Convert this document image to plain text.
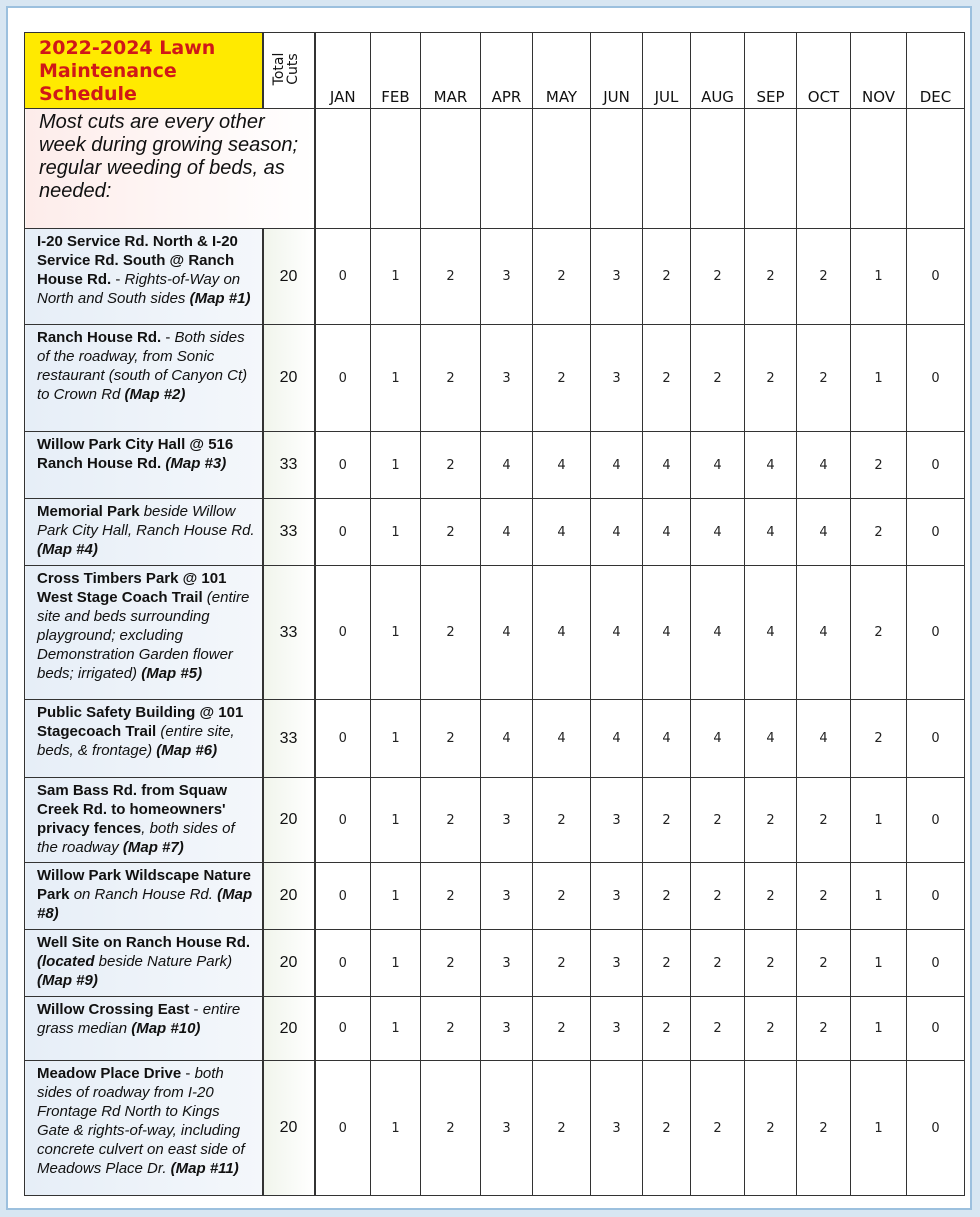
2022-2024 Lawn Maintenance Schedule	Total Cuts	JAN	FEB	MAR	APR	MAY	JUN	JUL	AUG	SEP	OCT	NOV	DEC
Most cuts are every other week during growing season; regular weeding of beds, as needed:													
I-20 Service Rd. North & I-20 Service Rd. South @ Ranch House Rd. - Rights-of-Way on North and South sides (Map #1)	20	0	1	2	3	2	3	2	2	2	2	1	0
Ranch House Rd. - Both sides of the roadway, from Sonic restaurant (south of Canyon Ct) to Crown Rd (Map #2)	20	0	1	2	3	2	3	2	2	2	2	1	0
Willow Park City Hall @ 516 Ranch House Rd. (Map #3)	33	0	1	2	4	4	4	4	4	4	4	2	0
Memorial Park beside Willow Park City Hall, Ranch House Rd. (Map #4)	33	0	1	2	4	4	4	4	4	4	4	2	0
Cross Timbers Park @ 101 West Stage Coach Trail (entire site and beds surrounding playground; excluding Demonstration Garden flower beds; irrigated) (Map #5)	33	0	1	2	4	4	4	4	4	4	4	2	0
Public Safety Building @ 101 Stagecoach Trail (entire site, beds, & frontage) (Map #6)	33	0	1	2	4	4	4	4	4	4	4	2	0
Sam Bass Rd. from Squaw Creek Rd. to homeowners' privacy fences, both sides of the roadway (Map #7)	20	0	1	2	3	2	3	2	2	2	2	1	0
Willow Park Wildscape Nature Park on Ranch House Rd. (Map #8)	20	0	1	2	3	2	3	2	2	2	2	1	0
Well Site on Ranch House Rd. (located beside Nature Park) (Map #9)	20	0	1	2	3	2	3	2	2	2	2	1	0
Willow Crossing East - entire grass median (Map #10)	20	0	1	2	3	2	3	2	2	2	2	1	0
Meadow Place Drive - both sides of roadway from I-20 Frontage Rd North to Kings Gate & rights-of-way, including concrete culvert on east side of Meadows Place Dr. (Map #11)	20	0	1	2	3	2	3	2	2	2	2	1	0
